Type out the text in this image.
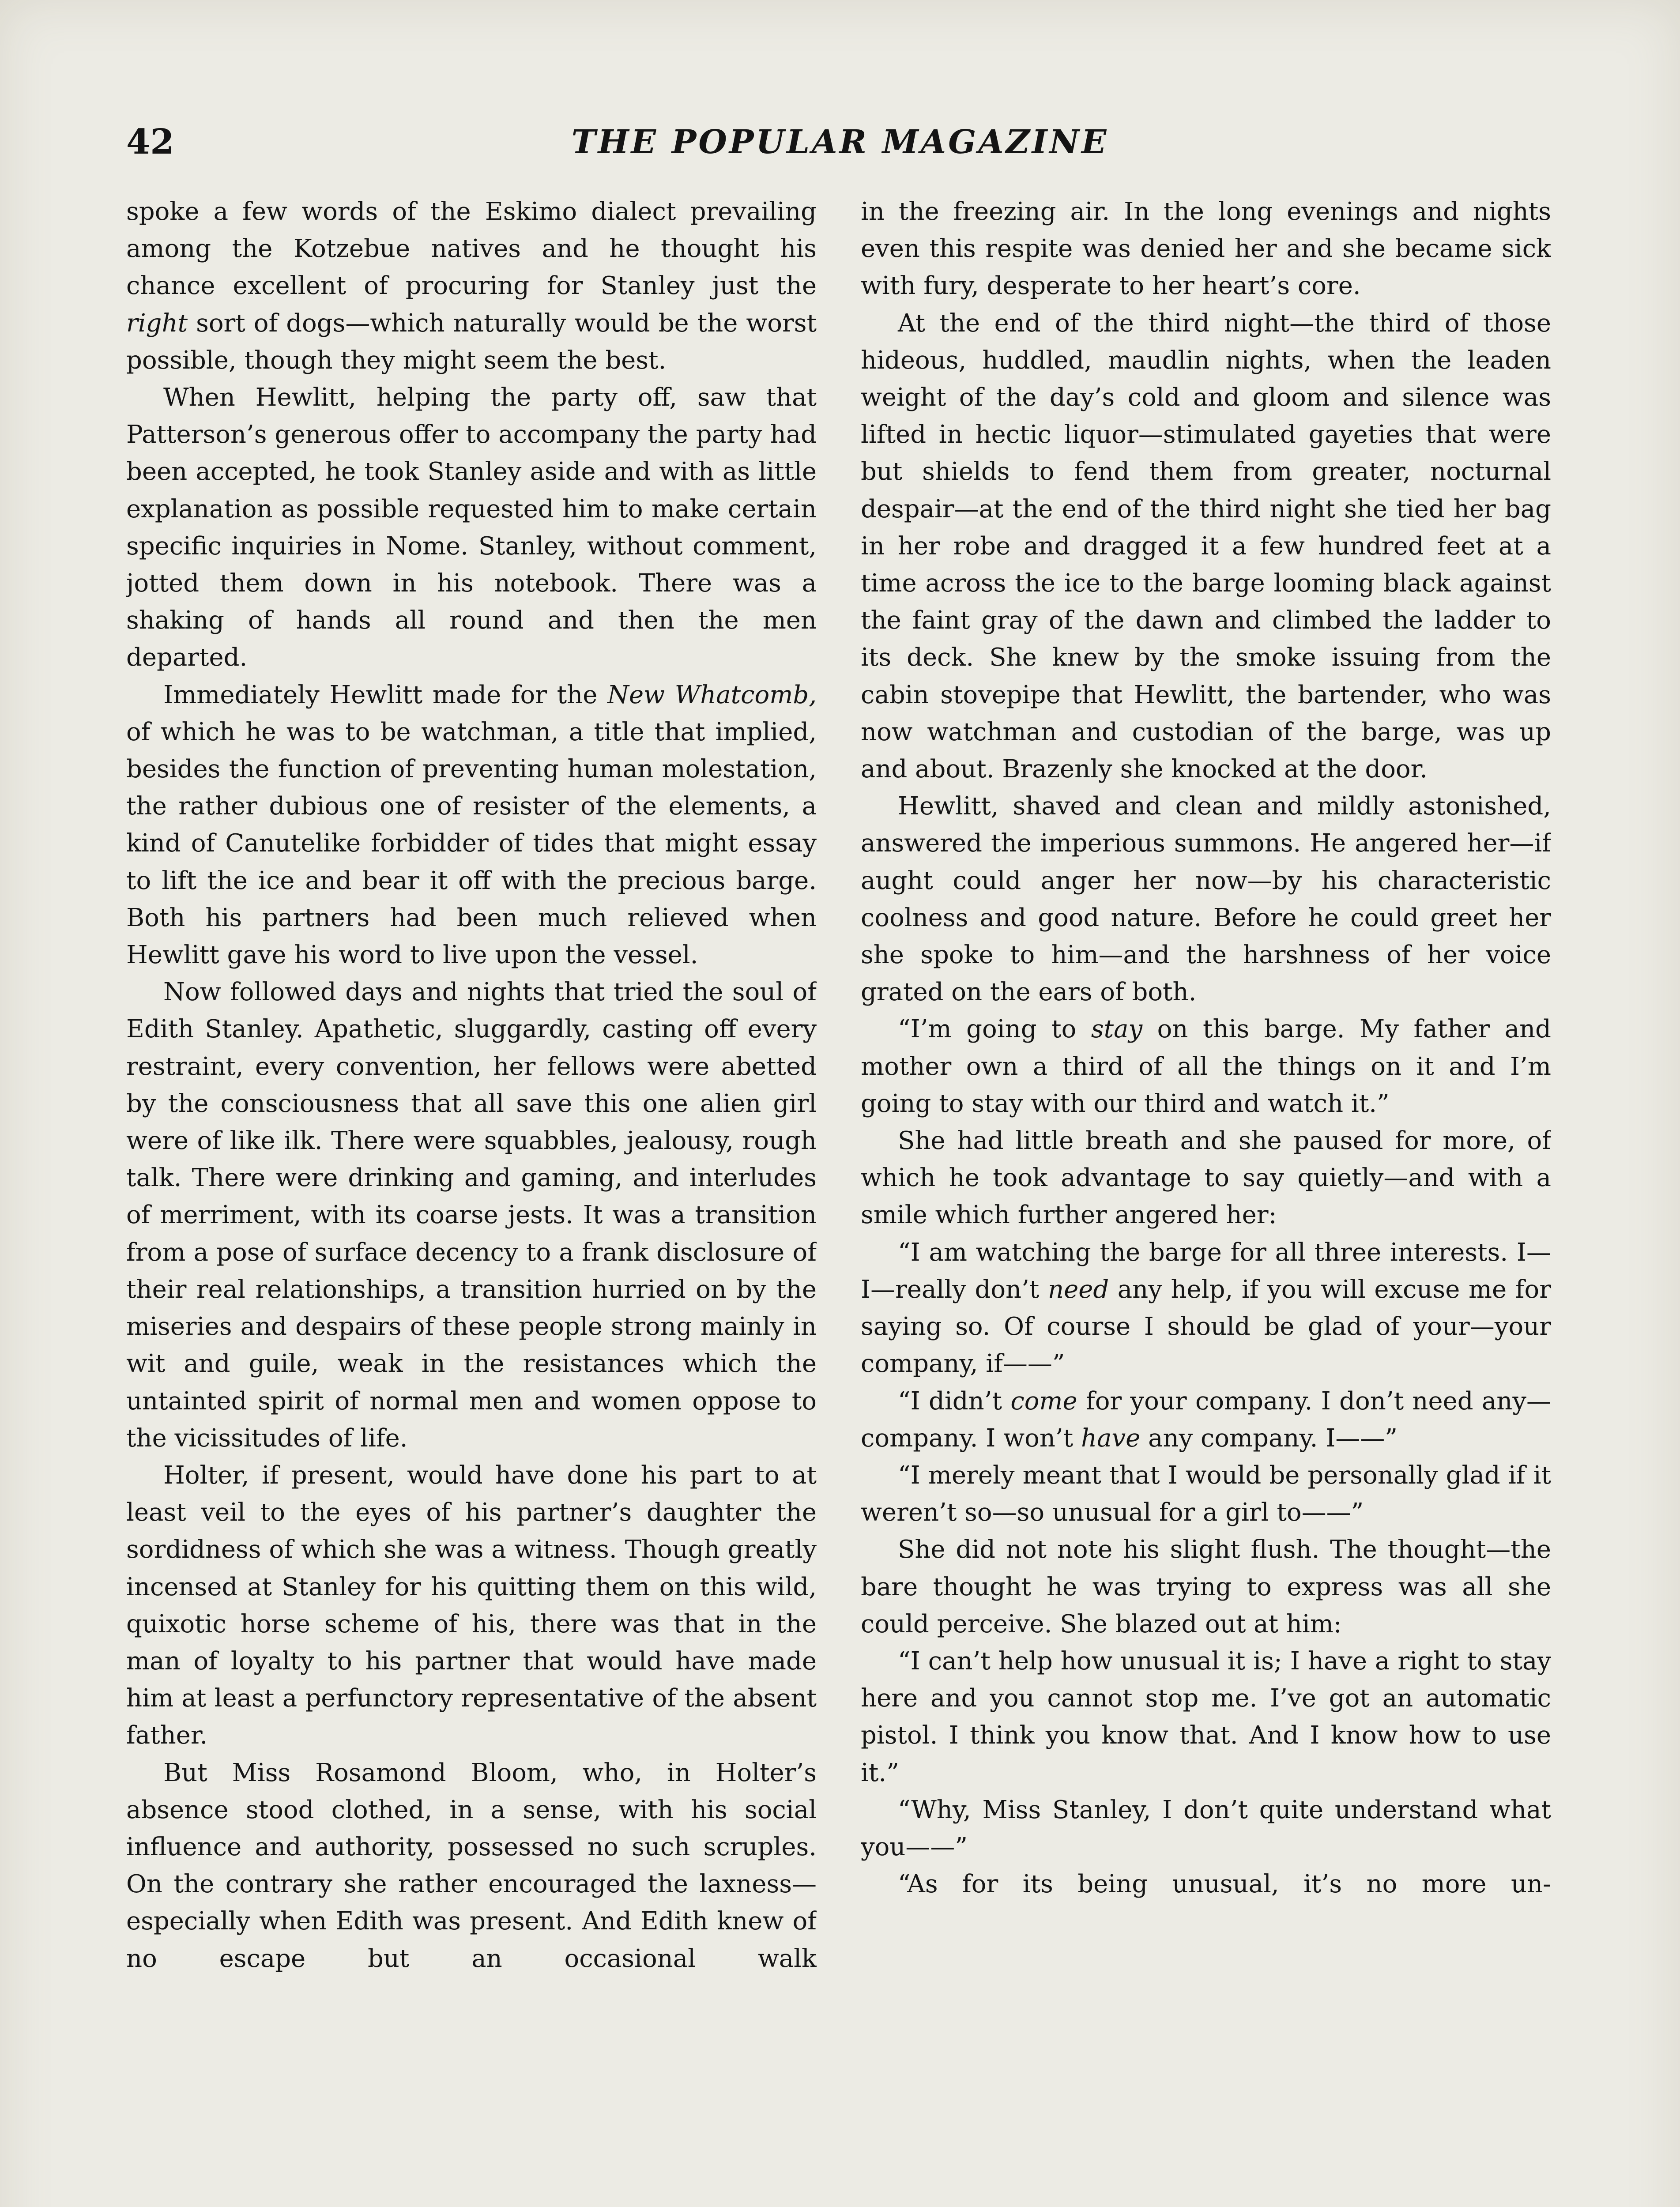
42	THE POPULAR MAGAZINE

spoke a few words of the Eskimo dialect prevailing among the Kotzebue natives and he thought his chance excellent of procuring for Stanley just the right sort of dogs—which naturally would be the worst possible, though they might seem the best.

When Hewlitt, helping the party off, saw that Patterson’s generous offer to accompany the party had been accepted, he took Stanley aside and with as little explanation as possible requested him to make certain specific inquiries in Nome. Stanley, without comment, jotted them down in his notebook. There was a shaking of hands all round and then the men departed.

Immediately Hewlitt made for the New Whatcomb, of which he was to be watchman, a title that implied, besides the function of preventing human molestation, the rather dubious one of resister of the elements, a kind of Canutelike forbidder of tides that might essay to lift the ice and bear it off with the precious barge. Both his partners had been much relieved when Hewlitt gave his word to live upon the vessel.

Now followed days and nights that tried the soul of Edith Stanley. Apathetic, sluggardly, casting off every restraint, every convention, her fellows were abetted by the consciousness that all save this one alien girl were of like ilk. There were squabbles, jealousy, rough talk. There were drinking and gaming, and interludes of merriment, with its coarse jests. It was a transition from a pose of surface decency to a frank disclosure of their real relationships, a transition hurried on by the miseries and despairs of these people strong mainly in wit and guile, weak in the resistances which the untainted spirit of normal men and women oppose to the vicissitudes of life.

Holter, if present, would have done his part to at least veil to the eyes of his partner’s daughter the sordidness of which she was a witness. Though greatly incensed at Stanley for his quitting them on this wild, quixotic horse scheme of his, there was that in the man of loyalty to his partner that would have made him at least a perfunctory representative of the absent father.

But Miss Rosamond Bloom, who, in Holter’s absence stood clothed, in a sense, with his social influence and authority, possessed no such scruples. On the contrary she rather encouraged the laxness—especially when Edith was present. And Edith knew of no escape but an occasional walk

in the freezing air. In the long evenings and nights even this respite was denied her and she became sick with fury, desperate to her heart’s core.

At the end of the third night—the third of those hideous, huddled, maudlin nights, when the leaden weight of the day’s cold and gloom and silence was lifted in hectic liquor—stimulated gayeties that were but shields to fend them from greater, nocturnal despair—at the end of the third night she tied her bag in her robe and dragged it a few hundred feet at a time across the ice to the barge looming black against the faint gray of the dawn and climbed the ladder to its deck. She knew by the smoke issuing from the cabin stovepipe that Hewlitt, the bartender, who was now watchman and custodian of the barge, was up and about. Brazenly she knocked at the door.

Hewlitt, shaved and clean and mildly astonished, answered the imperious summons. He angered her—if aught could anger her now—by his characteristic coolness and good nature. Before he could greet her she spoke to him—and the harshness of her voice grated on the ears of both.

“I’m going to stay on this barge. My father and mother own a third of all the things on it and I’m going to stay with our third and watch it.”

She had little breath and she paused for more, of which he took advantage to say quietly—and with a smile which further angered her:

“I am watching the barge for all three interests. I—I—really don’t need any help, if you will excuse me for saying so. Of course I should be glad of your—your company, if——”

“I didn’t come for your company. I don’t need any—company. I won’t have any company. I——”

“I merely meant that I would be personally glad if it weren’t so—so unusual for a girl to——”

She did not note his slight flush. The thought—the bare thought he was trying to express was all she could perceive. She blazed out at him:

“I can’t help how unusual it is; I have a right to stay here and you cannot stop me. I’ve got an automatic pistol. I think you know that. And I know how to use it.”

“Why, Miss Stanley, I don’t quite understand what you——”

“As for its being unusual, it’s no more un-
